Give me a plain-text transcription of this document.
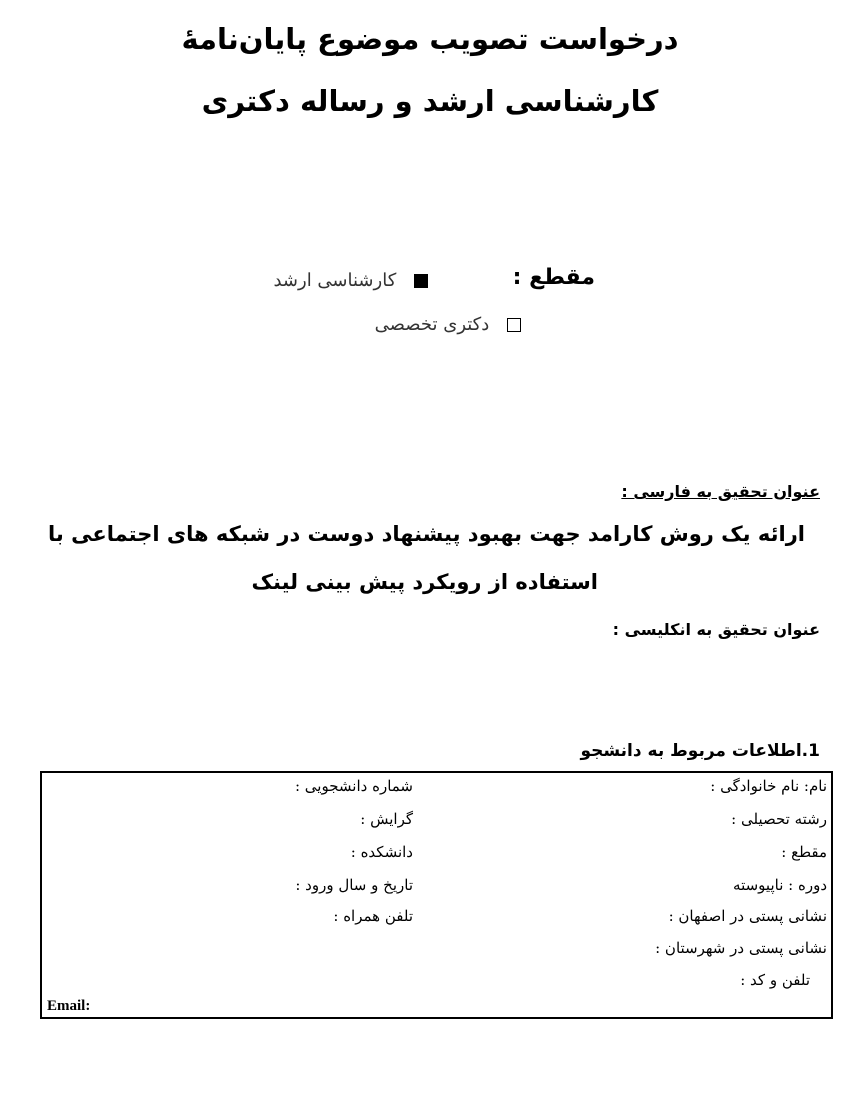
درخواست تصویب موضوع پایان‌نامهٔ
کارشناسی ارشد و رساله دکتری
مقطع :
کارشناسی ارشد
دکتری تخصصی
عنوان تحقیق به فارسی :
ارائه یک روش کارامد جهت بهبود پیشنهاد دوست در شبکه های اجتماعی با
استفاده از رویکرد پیش بینی لینک
عنوان تحقیق به انکلیسی :
1.اطلاعات مربوط به دانشجو
نام: نام خانوادگی :
رشته تحصیلی :
مقطع :
دوره : ناپیوسته
نشانی پستی در اصفهان :
نشانی پستی در شهرستان :
تلفن و کد :
شماره دانشجویی :
گرایش :
دانشکده :
تاریخ و سال ورود :
تلفن همراه :
Email:
